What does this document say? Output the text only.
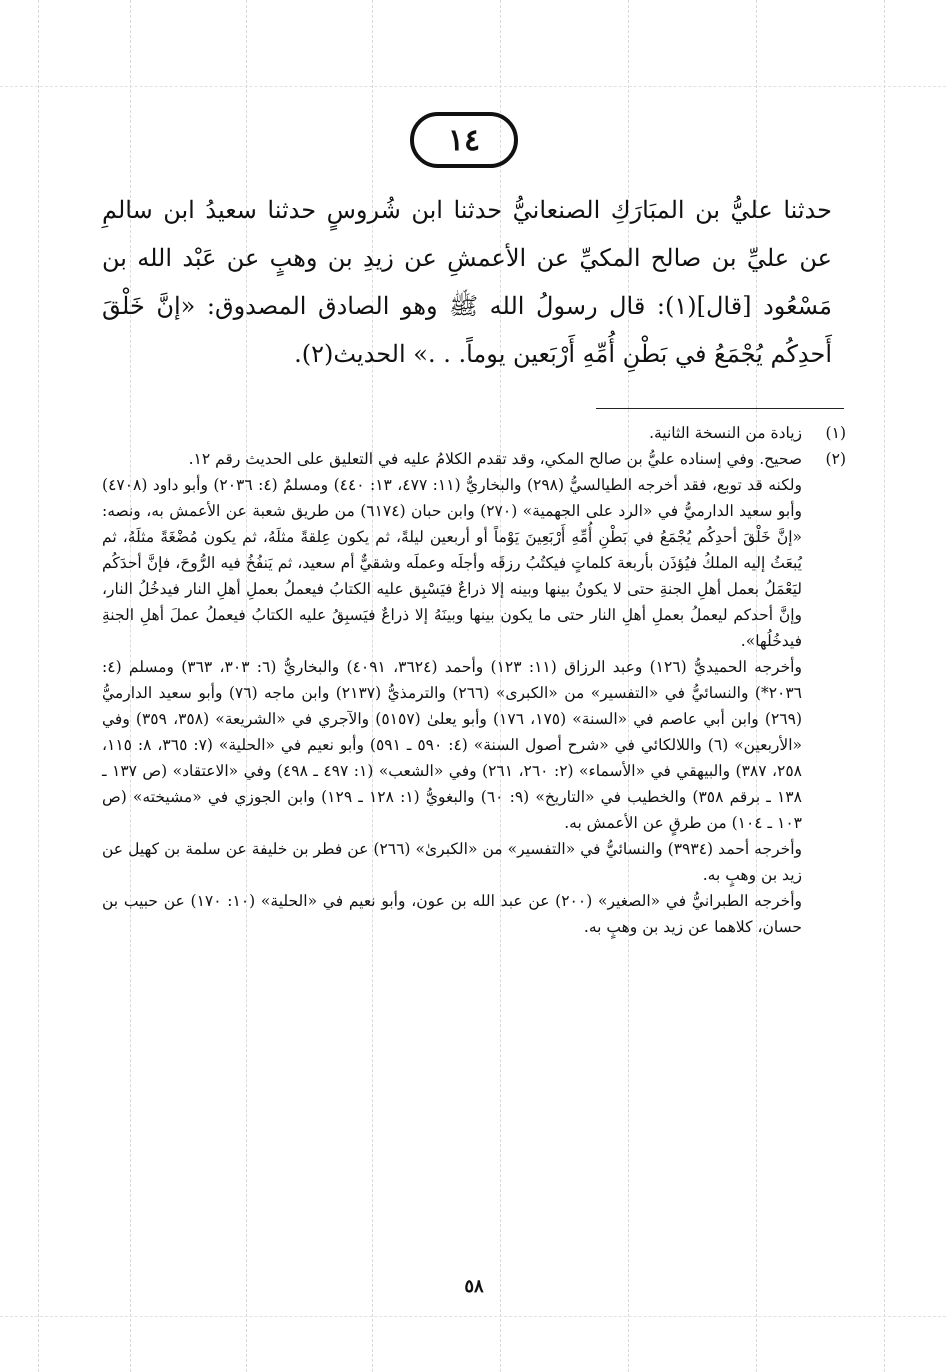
١٤

حدثنا عليُّ بن المبَارَكِ الصنعانيُّ حدثنا ابن شُروسٍ حدثنا سعيدُ ابن سالمِ عن عليِّ بن صالح المكيِّ عن الأعمشِ عن زيدِ بن وهبٍ عن عَبْد الله بن مَسْعُود [قال](١): قال رسولُ الله ﷺ وهو الصادق المصدوق: «إنَّ خَلْقَ أَحدِكُم يُجْمَعُ في بَطْنِ أُمِّهِ أَرْبَعين يوماً. . .» الحديث(٢).

(١)

زيادة من النسخة الثانية.

(٢)

صحيح. وفي إسناده عليُّ بن صالح المكي، وقد تقدم الكلامُ عليه في التعليق على الحديث رقم ١٢.

ولكنه قد توبع، فقد أخرجه الطيالسيُّ (٢٩٨) والبخاريُّ (١١: ٤٧٧، ١٣: ٤٤٠) ومسلمٌ (٤: ٢٠٣٦) وأبو داود (٤٧٠٨) وأبو سعيد الدارميُّ في «الرد على الجهمية» (٢٧٠) وابن حبان (٦١٧٤) من طريق شعبة عن الأعمش به، ونصه: «إنَّ خَلْقَ أحدِكُم يُجْمَعُ في بَطْنِ أُمِّهِ أَرْبَعِينَ يَوْماً أو أربعين ليلةً، ثم يكون عِلقةً مثلَهُ، ثم يكون مُضْغَةً مثلَهُ، ثم يُبعَثُ إليه الملكُ فيُؤذَن بأربعة كلماتٍ فيكتُبُ رزقَه وأجلَه وعملَه وشقيٌّ أم سعيد، ثم يَنفُخُ فيه الرُّوحَ، فإنَّ أحدَكُم ليَعْمَلُ بعمل أهلِ الجنةِ حتى لا يكونُ بينها وبينه إلا ذراعٌ فيَسْبِق عليه الكتابُ فيعملُ بعملِ أهلِ النار فيدخُلُ النار، وإنَّ أحدكم ليعملُ بعملِ أهلِ النار حتى ما يكون بينها وبينَهُ إلا ذراعٌ فيَسبِقُ عليه الكتابُ فيعملُ عملَ أهلِ الجنةِ فيدخُلُها».

وأخرجه الحميديُّ (١٢٦) وعبد الرزاق (١١: ١٢٣) وأحمد (٣٦٢٤، ٤٠٩١) والبخاريُّ (٦: ٣٠٣، ٣٦٣) ومسلم (٤: ٢٠٣٦*) والنسائيُّ في «التفسير» من «الكبرى» (٢٦٦) والترمذيُّ (٢١٣٧) وابن ماجه (٧٦) وأبو سعيد الدارميُّ (٢٦٩) وابن أبي عاصم في «السنة» (١٧٥، ١٧٦) وأبو يعلىٰ (٥١٥٧) والآجري في «الشريعة» (٣٥٨، ٣٥٩) وفي «الأربعين» (٦) واللالكائي في «شرح أصول السنة» (٤: ٥٩٠ ـ ٥٩١) وأبو نعيم في «الحلية» (٧: ٣٦٥، ٨: ١١٥، ٢٥٨، ٣٨٧) والبيهقي في «الأسماء» (٢: ٢٦٠، ٢٦١) وفي «الشعب» (١: ٤٩٧ ـ ٤٩٨) وفي «الاعتقاد» (ص ١٣٧ ـ ١٣٨ ـ برقم ٣٥٨) والخطيب في «التاريخ» (٩: ٦٠) والبغويُّ (١: ١٢٨ ـ ١٢٩) وابن الجوزي في «مشيخته» (ص ١٠٣ ـ ١٠٤) من طرقٍ عن الأعمش به.

وأخرجه أحمد (٣٩٣٤) والنسائيُّ في «التفسير» من «الكبرىٰ» (٢٦٦) عن فطر بن خليفة عن سلمة بن كهيل عن زيد بن وهبٍ به.

وأخرجه الطبرانيُّ في «الصغير» (٢٠٠) عن عبد الله بن عون، وأبو نعيم في «الحلية» (١٠: ١٧٠) عن حبيب بن حسان، كلاهما عن زيد بن وهبٍ به.

٥٨
